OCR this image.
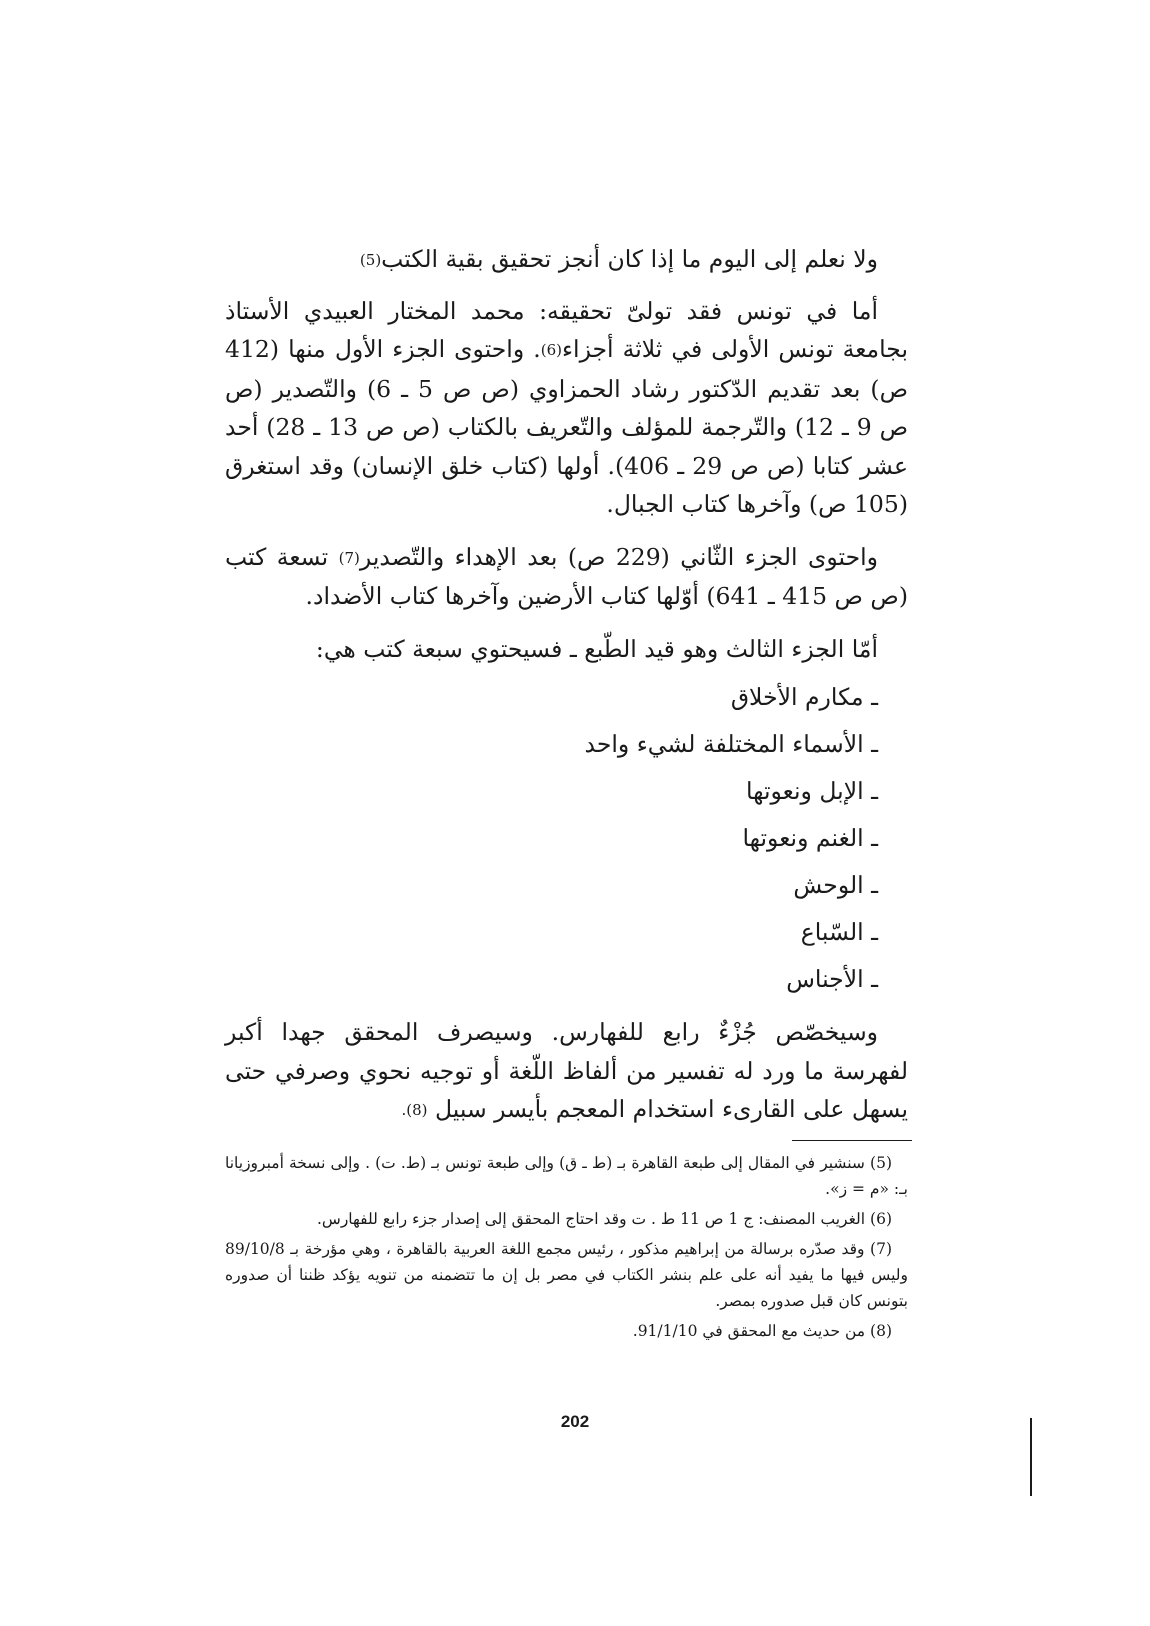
ولا نعلم إلى اليوم ما إذا كان أنجز تحقيق بقية الكتب(5)

أما في تونس فقد تولىّ تحقيقه: محمد المختار العبيدي الأستاذ بجامعة تونس الأولى في ثلاثة أجزاء(6). واحتوى الجزء الأول منها (412 ص) بعد تقديم الدّكتور رشاد الحمزاوي (ص ص 5 ـ 6) والتّصدير (ص ص 9 ـ 12) والتّرجمة للمؤلف والتّعريف بالكتاب (ص ص 13 ـ 28) أحد عشر كتابا (ص ص 29 ـ 406). أولها (كتاب خلق الإنسان) وقد استغرق (105 ص) وآخرها كتاب الجبال.

واحتوى الجزء الثّاني (229 ص) بعد الإهداء والتّصدير(7) تسعة كتب (ص ص 415 ـ 641) أوّلها كتاب الأرضين وآخرها كتاب الأضداد.

أمّا الجزء الثالث وهو قيد الطّبع ـ فسيحتوي سبعة كتب هي:

ـ مكارم الأخلاق
ـ الأسماء المختلفة لشيء واحد
ـ الإبل ونعوتها
ـ الغنم ونعوتها
ـ الوحش
ـ السّباع
ـ الأجناس

وسيخصّص جُزْءٌ رابع للفهارس. وسيصرف المحقق جهدا أكبر لفهرسة ما ورد له تفسير من ألفاظ اللّغة أو توجيه نحوي وصرفي حتى يسهل على القارىء استخدام المعجم بأيسر سبيل (8).

(5) سنشير في المقال إلى طبعة القاهرة بـ (ط ـ ق) وإلى طبعة تونس بـ (ط. ت) . وإلى نسخة أمبروزيانا بـ: «م = ز».

(6) الغريب المصنف: ج 1 ص 11 ط . ت وقد احتاج المحقق إلى إصدار جزء رابع للفهارس.

(7) وقد صدّره برسالة من إبراهيم مذكور ، رئيس مجمع اللغة العربية بالقاهرة ، وهي مؤرخة بـ 89/10/8 وليس فيها ما يفيد أنه على علم بنشر الكتاب في مصر بل إن ما تتضمنه من تنويه يؤكد ظننا أن صدوره بتونس كان قبل صدوره بمصر.

(8) من حديث مع المحقق في 91/1/10.

202
